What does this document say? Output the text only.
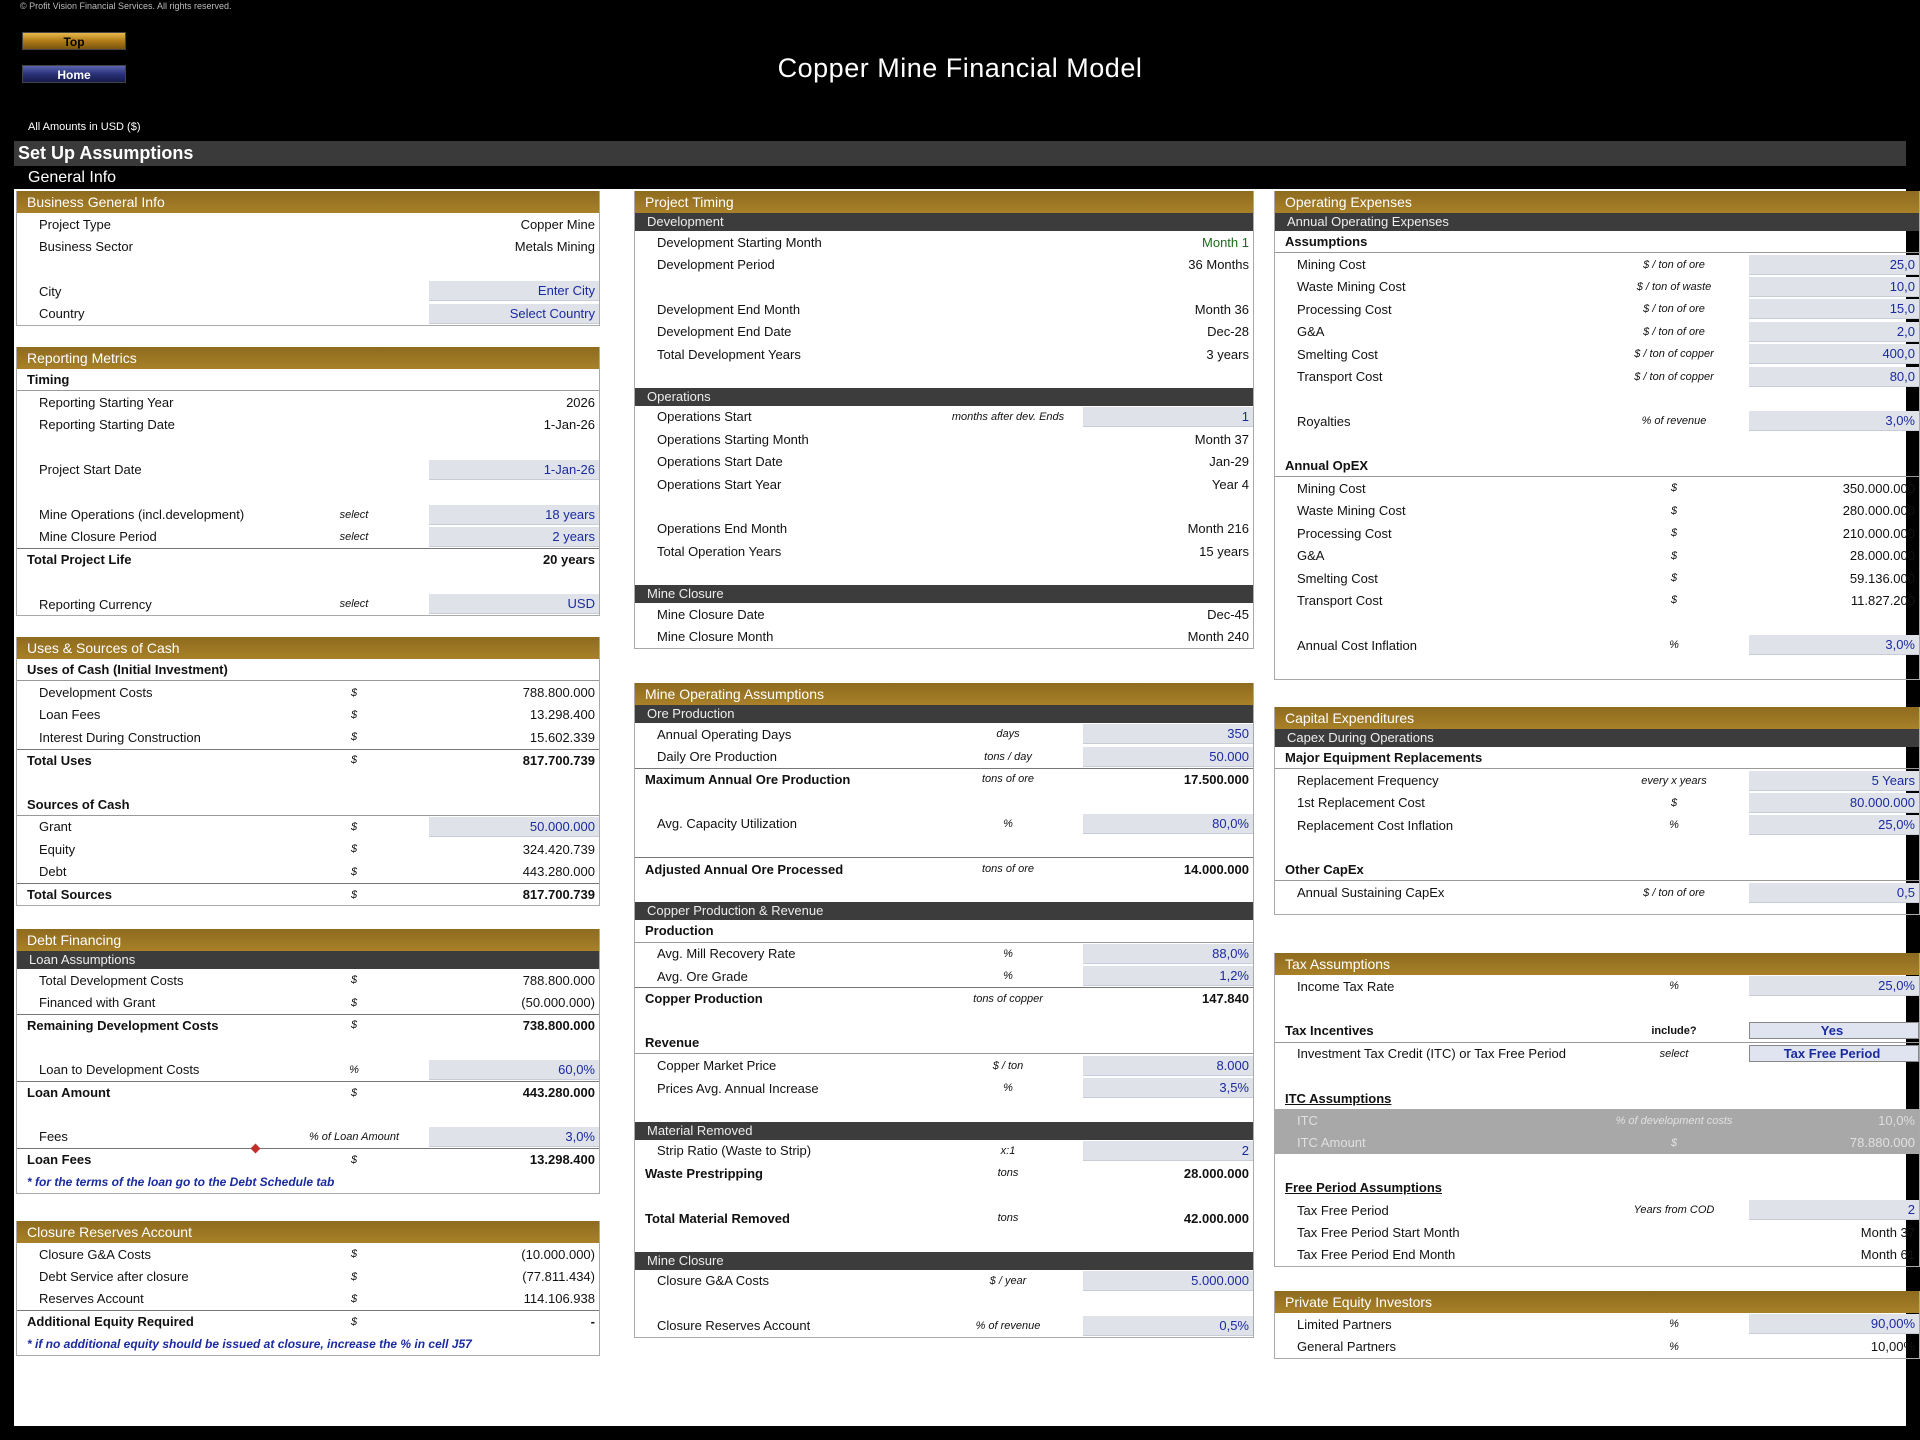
© Profit Vision Financial Services. All rights reserved.
Top
Home	Copper Mine Financial Model
All Amounts in USD ($)
Set Up Assumptions
General Info
Business General Info
Project Type	Copper Mine
Business Sector	Metals Mining
City	Enter City
Country	Select Country
Reporting Metrics
Timing
Reporting Starting Year	2026
Reporting Starting Date	1-Jan-26
Project Start Date	1-Jan-26
Mine Operations (incl.development)	select	18 years
Mine Closure Period	select	2 years
Total Project Life	20 years
Reporting Currency	select	USD
Uses & Sources of Cash
Uses of Cash (Initial Investment)
Development Costs	$	788.800.000
Loan Fees	$	13.298.400
Interest During Construction	$	15.602.339
Total Uses	$	817.700.739
Sources of Cash
Grant	$	50.000.000
Equity	$	324.420.739
Debt	$	443.280.000
Total Sources	$	817.700.739
Debt Financing
Loan Assumptions
Total Development Costs	$	788.800.000
Financed with Grant	$	(50.000.000)
Remaining Development Costs	$	738.800.000
Loan to Development Costs	%	60,0%
Loan Amount	$	443.280.000
Fees	% of Loan Amount	3,0%
Loan Fees	$	13.298.400
* for the terms of the loan go to the Debt Schedule tab
Closure Reserves Account
Closure G&A Costs	$	(10.000.000)
Debt Service after closure	$	(77.811.434)
Reserves Account	$	114.106.938
Additional Equity Required	$	-
* if no additional equity should be issued at closure, increase the % in cell J57
Project Timing
Development
Development Starting Month	Month 1
Development Period	36 Months
Development End Month	Month 36
Development End Date	Dec-28
Total Development Years	3 years
Operations
Operations Start	months after dev. Ends	1
Operations Starting Month	Month 37
Operations Start Date	Jan-29
Operations Start Year	Year 4
Operations End Month	Month 216
Total Operation Years	15 years
Mine Closure
Mine Closure Date	Dec-45
Mine Closure Month	Month 240
Mine Operating Assumptions
Ore Production
Annual Operating Days	days	350
Daily Ore Production	tons / day	50.000
Maximum Annual Ore Production	tons of ore	17.500.000
Avg. Capacity Utilization	%	80,0%
Adjusted Annual Ore Processed	tons of ore	14.000.000
Copper Production & Revenue
Production
Avg. Mill Recovery Rate	%	88,0%
Avg. Ore Grade	%	1,2%
Copper Production	tons of copper	147.840
Revenue
Copper Market Price	$ / ton	8.000
Prices Avg. Annual Increase	%	3,5%
Material Removed
Strip Ratio (Waste to Strip)	x:1	2
Waste Prestripping	tons	28.000.000
Total Material Removed	tons	42.000.000
Mine Closure
Closure G&A Costs	$ / year	5.000.000
Closure Reserves Account	% of revenue	0,5%
Operating Expenses
Annual Operating Expenses
Assumptions
Mining Cost	$ / ton of ore	25,0
Waste Mining Cost	$ / ton of waste	10,0
Processing Cost	$ / ton of ore	15,0
G&A	$ / ton of ore	2,0
Smelting Cost	$ / ton of copper	400,0
Transport Cost	$ / ton of copper	80,0
Royalties	% of revenue	3,0%
Annual OpEX
Mining Cost	$	350.000.000
Waste Mining Cost	$	280.000.000
Processing Cost	$	210.000.000
G&A	$	28.000.000
Smelting Cost	$	59.136.000
Transport Cost	$	11.827.200
Annual Cost Inflation	%	3,0%
Capital Expenditures
Capex During Operations
Major Equipment Replacements
Replacement Frequency	every x years	5 Years
1st Replacement Cost	$	80.000.000
Replacement Cost Inflation	%	25,0%
Other CapEx
Annual Sustaining CapEx	$ / ton of ore	0,5
Tax Assumptions
Income Tax Rate	%	25,0%
Tax Incentives	include?	Yes
Investment Tax Credit (ITC) or Tax Free Period	select	Tax Free Period
ITC Assumptions
ITC	% of development costs	10,0%
ITC Amount	$	78.880.000
Free Period Assumptions
Tax Free Period	Years from COD	2
Tax Free Period Start Month	Month 37
Tax Free Period End Month	Month 61
Private Equity Investors
Limited Partners	%	90,00%
General Partners	%	10,00%
